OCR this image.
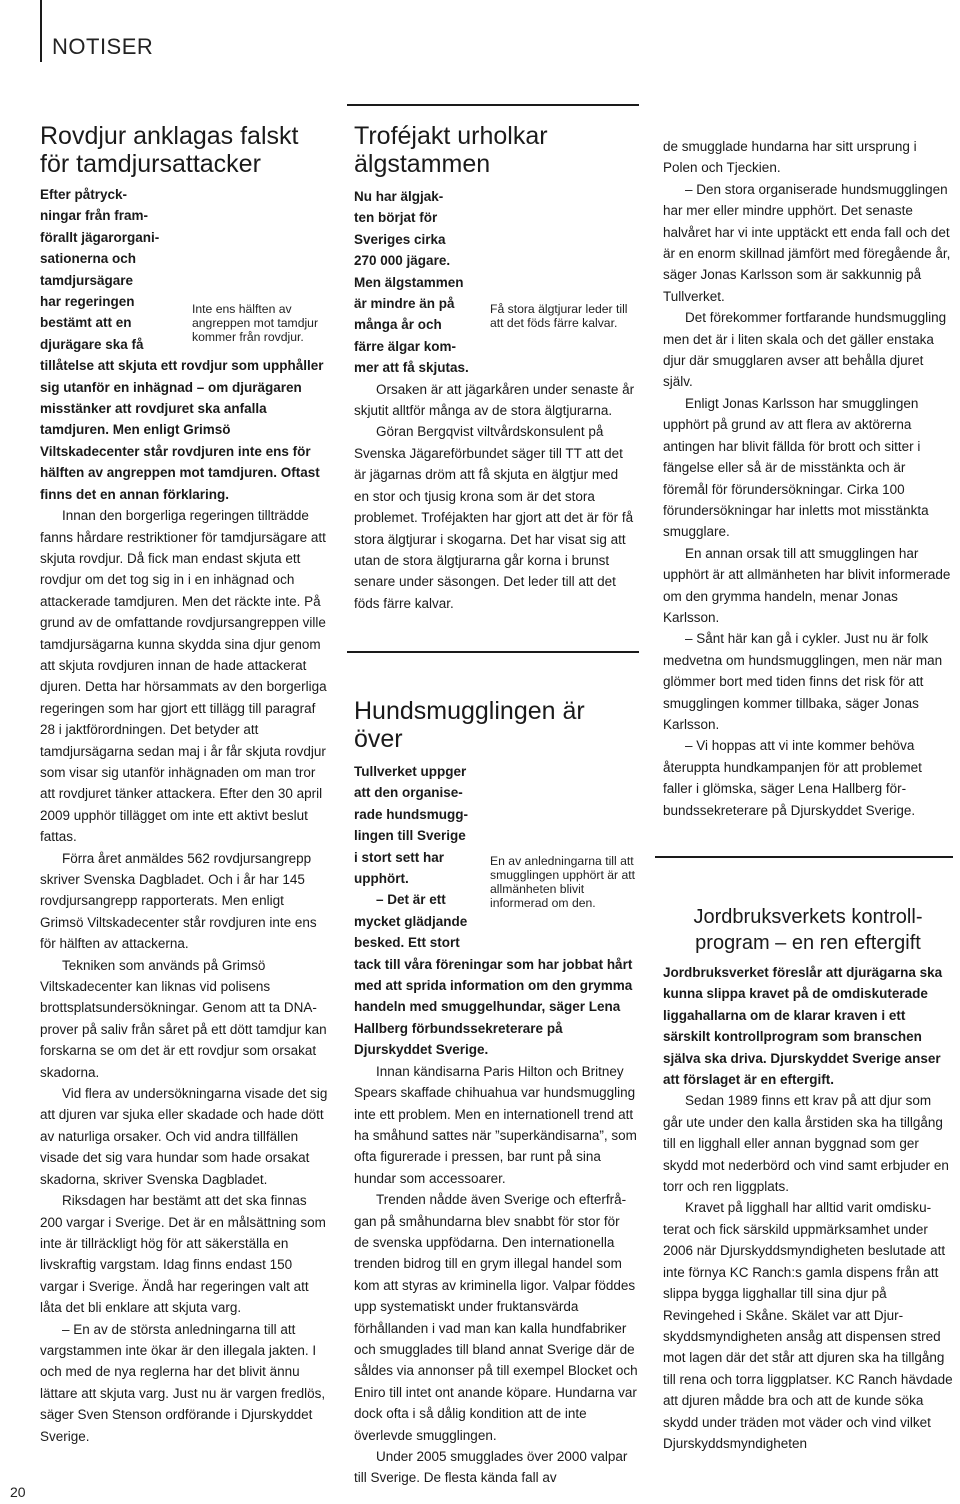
NOTISER
Rovdjur anklagas falskt för tamdjursattacker
Efter påtryck-
ningar från fram-
förallt jägarorgani-
sationerna och
tamdjursägare
har regeringen
bestämt att en
djurägare ska få

tillåtelse att skjuta ett rovdjur som upphåller sig utanför en inhägnad – om djurägaren misstänker att rovdjuret ska anfalla tamdjuren. Men enligt Grimsö Viltskadecenter står rovdjuren inte ens för hälften av angreppen mot tamdjuren. Oftast finns det en annan förklaring.

Innan den borgerliga regeringen tillträdde fanns hårdare restriktioner för tamdjursägare att skjuta rovdjur. Då fick man endast skjuta ett rovdjur om det tog sig in i en inhägnad och attackerade tamdjuren. Men det räckte inte. På grund av de omfattande rovdjursangreppen ville tamdjursägarna kunna skydda sina djur genom att skjuta rovdjuren innan de hade attackerat djuren. Detta har hörsammats av den borgerliga regeringen som har gjort ett tillägg till paragraf 28 i jaktförordningen. Det betyder att tamdjursägarna sedan maj i år får skjuta rovdjur som visar sig utanför inhägnaden om man tror att rovdjuret tänker attackera. Efter den 30 april 2009 upphör tillägget om inte ett aktivt beslut fattas.

Förra året anmäldes 562 rovdjursangrepp skriver Svenska Dagbladet. Och i år har 145 rovdjursangrepp rapporterats. Men enligt Grimsö Viltskadecenter står rovdjuren inte ens för hälften av attackerna.

Tekniken som används på Grimsö Viltskadecenter kan liknas vid polisens brottsplatsundersökningar. Genom att ta DNA-prover på saliv från såret på ett dött tamdjur kan forskarna se om det är ett rovdjur som orsakat skadorna.

Vid flera av undersökningarna visade det sig att djuren var sjuka eller skadade och hade dött av naturliga orsaker. Och vid andra tillfällen visade det sig vara hundar som hade orsakat skadorna, skriver Svenska Dagbladet.

Riksdagen har bestämt att det ska finnas 200 vargar i Sverige. Det är en målsättning som inte är tillräckligt hög för att säkerställa en livskraftig vargstam. Idag finns endast 150 vargar i Sverige. Ändå har regeringen valt att låta det bli enklare att skjuta varg.

– En av de största anledningarna till att vargstammen inte ökar är den illegala jakten. I och med de nya reglerna har det blivit ännu lättare att skjuta varg. Just nu är vargen fredlös, säger Sven Stenson ordförande i Djurskyddet Sverige.

Inte ens hälften av angreppen mot tamdjur kommer från rovdjur.
Troféjakt urholkar älgstammen
Nu har älgjak-
ten börjat för
Sveriges cirka
270 000 jägare.
Men älgstammen
är mindre än på
många år och
färre älgar kom-
mer att få skjutas.

Orsaken är att jägarkåren under senaste år skjutit alltför många av de stora älgtjurarna.

Göran Bergqvist viltvårdskonsulent på Svenska Jägareförbundet säger till TT att det är jägarnas dröm att få skjuta en älgtjur med en stor och tjusig krona som är det stora problemet. Troféjakten har gjort att det är för få stora älgtjurar i skogarna. Det har visat sig att utan de stora älgtjurarna går korna i brunst senare under säsongen. Det leder till att det föds färre kalvar.

Få stora älgtjurar leder till att det föds färre kalvar.
Hundsmugglingen är över
Tullverket uppger
att den organise-
rade hundsmugg-
lingen till Sverige
i stort sett har
upphört.
– Det är ett
mycket glädjande
besked. Ett stort

tack till våra föreningar som har jobbat hårt med att sprida information om den grymma handeln med smuggelhundar, säger Lena Hallberg förbundssekreterare på Djurskyddet Sverige.

Innan kändisarna Paris Hilton och Britney Spears skaffade chihuahua var hundsmuggling inte ett problem. Men en internationell trend att ha småhund sattes när ”superkändisarna”, som ofta figurerade i pressen, bar runt på sina hundar som accessoarer.

Trenden nådde även Sverige och efterfrågan på småhundarna blev snabbt för stor för de svenska uppfödarna. Den internationella trenden bidrog till en grym illegal handel som kom att styras av kriminella ligor. Valpar föddes upp systematiskt under fruktansvärda förhållanden i vad man kan kalla hundfabriker och smugglades till bland annat Sverige där de såldes via annonser på till exempel Blocket och Eniro till intet ont anande köpare. Hundarna var dock ofta i så dålig kondition att de inte överlevde smugglingen.

Under 2005 smugglades över 2000 valpar till Sverige. De flesta kända fall av

En av anledningarna till att smugglingen upphört är att allmänheten blivit informerad om den.

de smugglade hundarna har sitt ursprung i Polen och Tjeckien.

– Den stora organiserade hundsmugglingen har mer eller mindre upphört. Det senaste halvåret har vi inte upptäckt ett enda fall och det är en enorm skillnad jämfört med föregående år, säger Jonas Karlsson som är sakkunnig på Tullverket.

Det förekommer fortfarande hundsmuggling men det är i liten skala och det gäller enstaka djur där smugglaren avser att behålla djuret själv.

Enligt Jonas Karlsson har smugglingen upphört på grund av att flera av aktörerna antingen har blivit fällda för brott och sitter i fängelse eller så är de misstänkta och är föremål för förundersökningar. Cirka 100 förundersökningar har inletts mot misstänkta smugglare.

En annan orsak till att smugglingen har upphört är att allmänheten har blivit informerade om den grymma handeln, menar Jonas Karlsson.

– Sånt här kan gå i cykler. Just nu är folk medvetna om hundsmugglingen, men när man glömmer bort med tiden finns det risk för att smugglingen kommer tillbaka, säger Jonas Karlsson.

– Vi hoppas att vi inte kommer behöva återuppta hundkampanjen för att problemet faller i glömska, säger Lena Hallberg förbundssekreterare på Djurskyddet Sverige.

Jordbruksverkets kontrollprogram – en ren eftergift

Jordbruksverket föreslår att djurägarna ska kunna slippa kravet på de omdiskuterade liggahallarna om de klarar kraven i ett särskilt kontrollprogram som branschen själva ska driva. Djurskyddet Sverige anser att förslaget är en eftergift.

Sedan 1989 finns ett krav på att djur som går ute under den kalla årstiden ska ha tillgång till en ligghall eller annan byggnad som ger skydd mot nederbörd och vind samt erbjuder en torr och ren liggplats.

Kravet på ligghall har alltid varit omdiskuterat och fick särskild uppmärksamhet under 2006 när Djurskyddsmyndigheten beslutade att inte förnya KC Ranch:s gamla dispens från att slippa bygga ligghallar till sina djur på Revingehed i Skåne. Skälet var att Djurskyddsmyndigheten ansåg att dispensen stred mot lagen där det står att djuren ska ha tillgång till rena och torra liggplatser. KC Ranch hävdade att djuren mådde bra och att de kunde söka skydd under träden mot väder och vind vilket Djurskyddsmyndigheten

20
